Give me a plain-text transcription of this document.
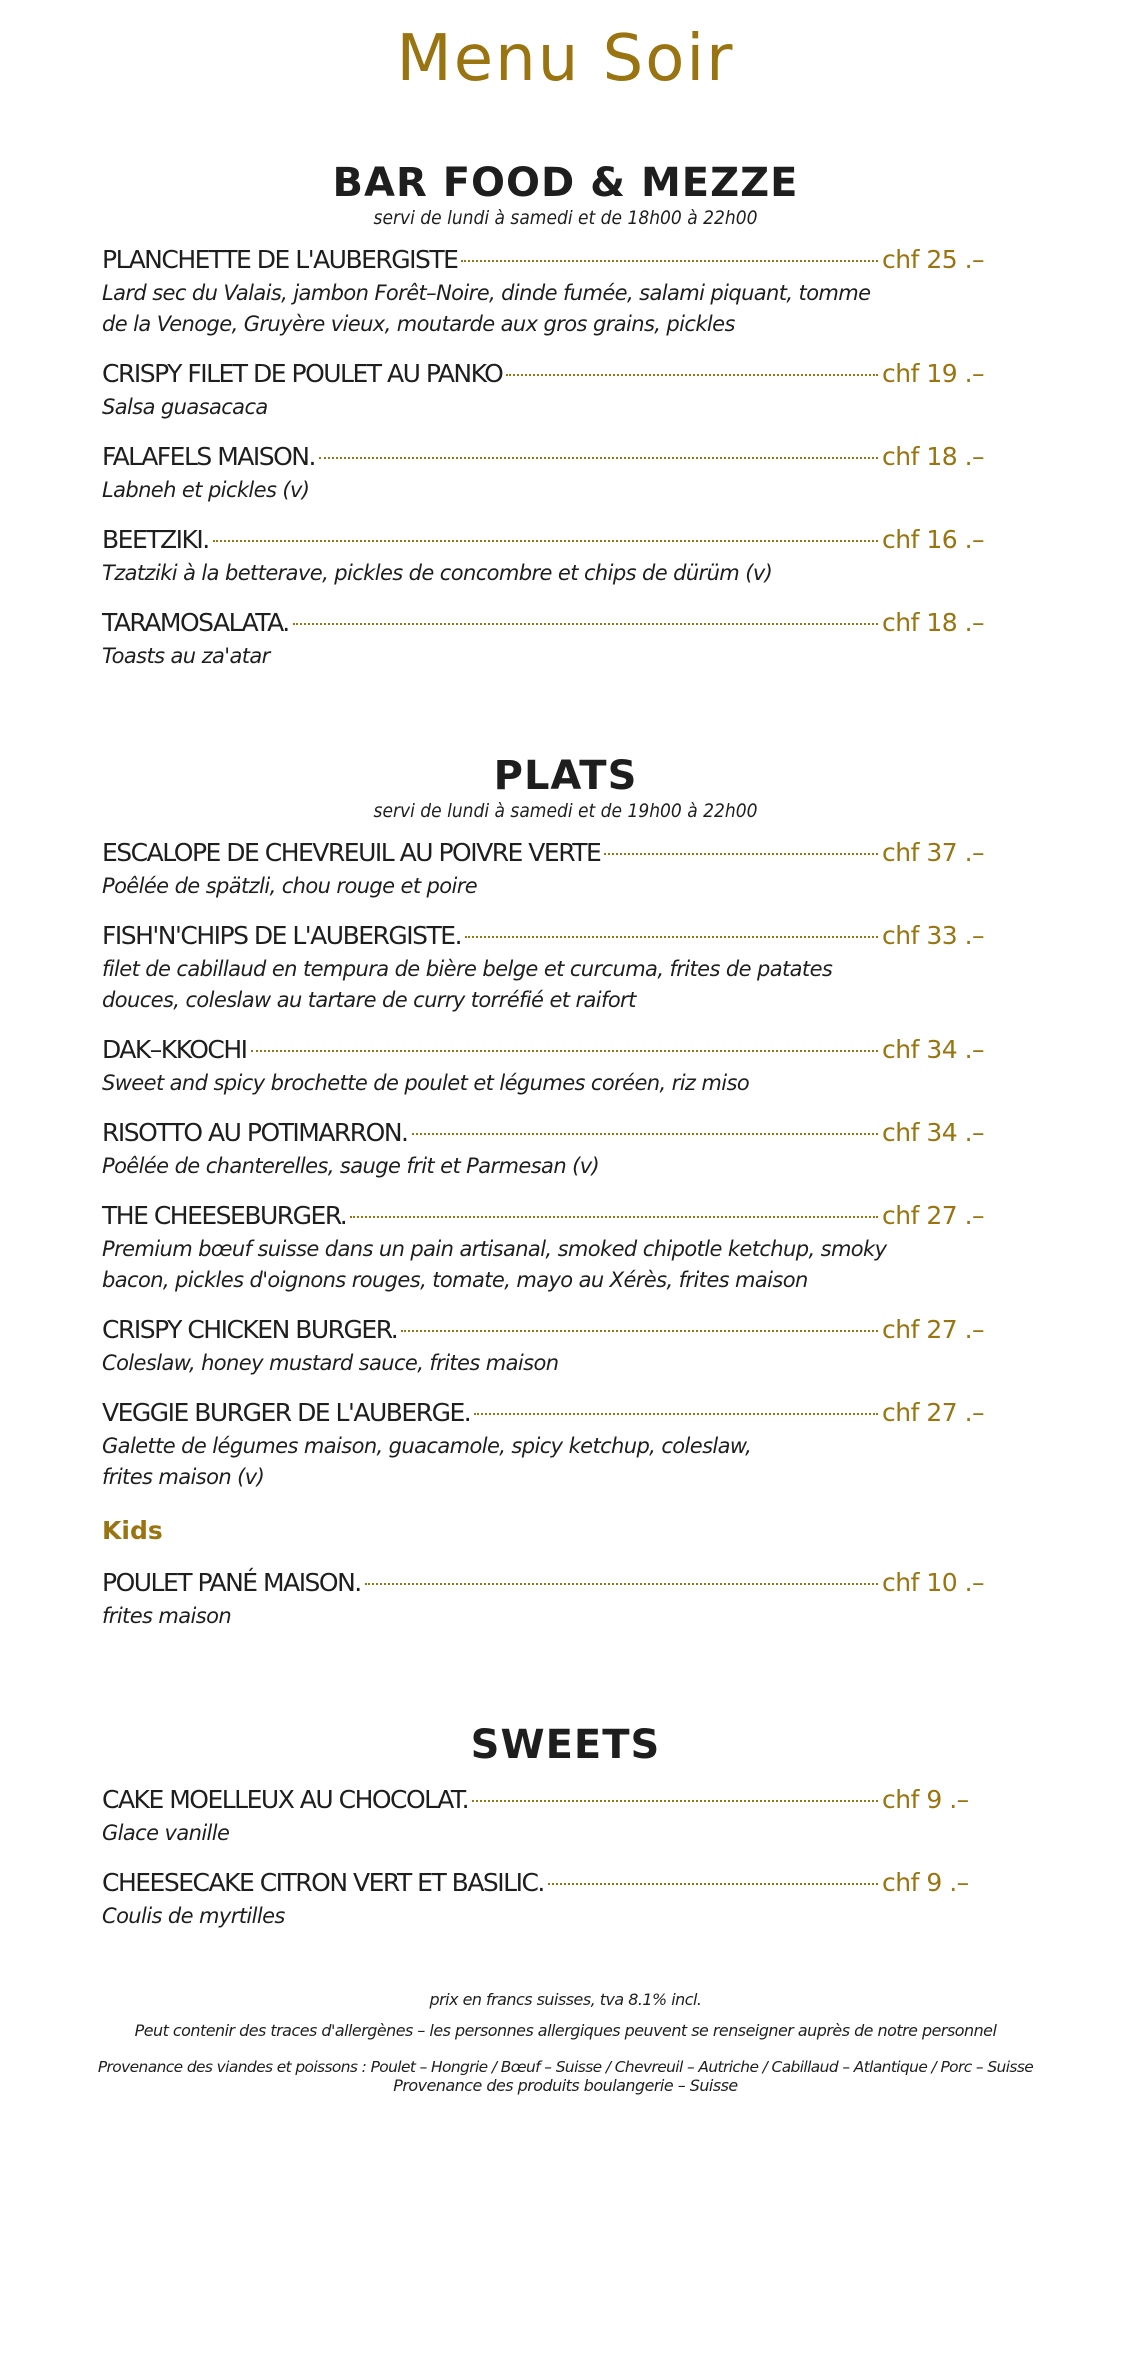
Menu Soir
BAR FOOD & MEZZE

servi de lundi à samedi et de 18h00 à 22h00

PLANCHETTE DE L'AUBERGISTE	chf 25 .–
Lard sec du Valais, jambon Forêt–Noire, dinde fumée, salami piquant, tomme
de la Venoge, Gruyère vieux, moutarde aux gros grains, pickles
CRISPY FILET DE POULET AU PANKO	chf 19 .–
Salsa guasacaca
FALAFELS MAISON.	chf 18 .–
Labneh et pickles (v)
BEETZIKI.	chf 16 .–
Tzatziki à la betterave, pickles de concombre et chips de dürüm (v)
TARAMOSALATA.	chf 18 .–
Toasts au za'atar
PLATS

servi de lundi à samedi et de 19h00 à 22h00

ESCALOPE DE CHEVREUIL AU POIVRE VERTE	chf 37 .–
Poêlée de spätzli, chou rouge et poire
FISH'N'CHIPS DE L'AUBERGISTE.	chf 33 .–
filet de cabillaud en tempura de bière belge et curcuma, frites de patates
douces, coleslaw au tartare de curry torréfié et raifort
DAK–KKOCHI	chf 34 .–
Sweet and spicy brochette de poulet et légumes coréen, riz miso
RISOTTO AU POTIMARRON.	chf 34 .–
Poêlée de chanterelles, sauge frit et Parmesan (v)
THE CHEESEBURGER.	chf 27 .–
Premium bœuf suisse dans un pain artisanal, smoked chipotle ketchup, smoky
bacon, pickles d'oignons rouges, tomate, mayo au Xérès, frites maison
CRISPY CHICKEN BURGER.	chf 27 .–
Coleslaw, honey mustard sauce, frites maison
VEGGIE BURGER DE L'AUBERGE.	chf 27 .–
Galette de légumes maison, guacamole, spicy ketchup, coleslaw,
frites maison (v)
Kids
POULET PANÉ MAISON.	chf 10 .–
frites maison
SWEETS
CAKE MOELLEUX AU CHOCOLAT.	chf 9 .–
Glace vanille
CHEESECAKE CITRON VERT ET BASILIC.	chf 9 .–
Coulis de myrtilles

prix en francs suisses, tva 8.1% incl.

Peut contenir des traces d'allergènes – les personnes allergiques peuvent se renseigner auprès de notre personnel

Provenance des viandes et poissons : Poulet – Hongrie / Bœuf – Suisse / Chevreuil – Autriche / Cabillaud – Atlantique / Porc – Suisse

Provenance des produits boulangerie – Suisse
